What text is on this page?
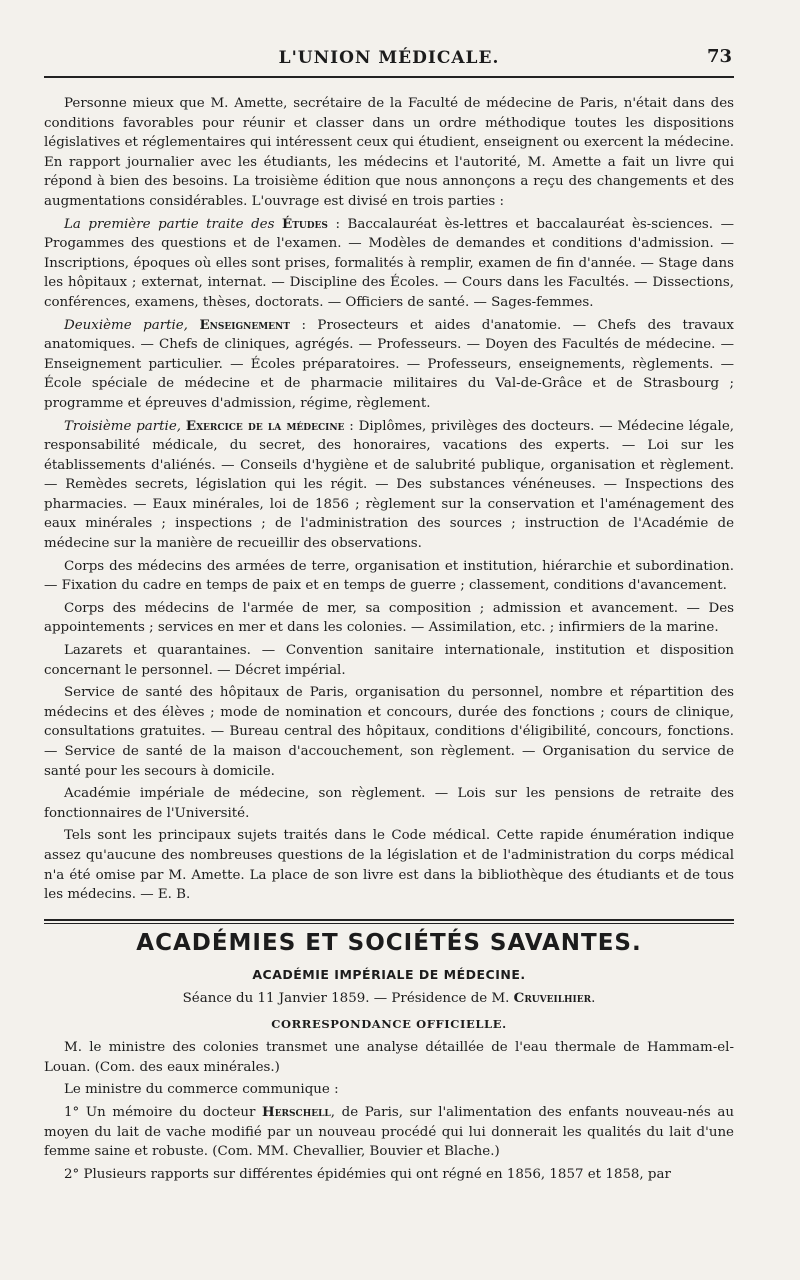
L'UNION MÉDICALE.	73

Personne mieux que M. Amette, secrétaire de la Faculté de médecine de Paris, n'était dans des conditions favorables pour réunir et classer dans un ordre méthodique toutes les dispositions législatives et réglementaires qui intéressent ceux qui étudient, enseignent ou exercent la médecine. En rapport journalier avec les étudiants, les médecins et l'autorité, M. Amette a fait un livre qui répond à bien des besoins. La troisième édition que nous annonçons a reçu des changements et des augmentations considérables. L'ouvrage est divisé en trois parties :

La première partie traite des Études : Baccalauréat ès-lettres et baccalauréat ès-sciences. — Progammes des questions et de l'examen. — Modèles de demandes et conditions d'admission. — Inscriptions, époques où elles sont prises, formalités à remplir, examen de fin d'année. — Stage dans les hôpitaux ; externat, internat. — Discipline des Écoles. — Cours dans les Facultés. — Dissections, conférences, examens, thèses, doctorats. — Officiers de santé. — Sages-femmes.

Deuxième partie, Enseignement : Prosecteurs et aides d'anatomie. — Chefs des travaux anatomiques. — Chefs de cliniques, agrégés. — Professeurs. — Doyen des Facultés de médecine. — Enseignement particulier. — Écoles préparatoires. — Professeurs, enseignements, règlements. — École spéciale de médecine et de pharmacie militaires du Val-de-Grâce et de Strasbourg ; programme et épreuves d'admission, régime, règlement.

Troisième partie, Exercice de la médecine : Diplômes, privilèges des docteurs. — Médecine légale, responsabilité médicale, du secret, des honoraires, vacations des experts. — Loi sur les établissements d'aliénés. — Conseils d'hygiène et de salubrité publique, organisation et règlement. — Remèdes secrets, législation qui les régit. — Des substances vénéneuses. — Inspections des pharmacies. — Eaux minérales, loi de 1856 ; règlement sur la conservation et l'aménagement des eaux minérales ; inspections ; de l'administration des sources ; instruction de l'Académie de médecine sur la manière de recueillir des observations.

Corps des médecins des armées de terre, organisation et institution, hiérarchie et subordination. — Fixation du cadre en temps de paix et en temps de guerre ; classement, conditions d'avancement.

Corps des médecins de l'armée de mer, sa composition ; admission et avancement. — Des appointements ; services en mer et dans les colonies. — Assimilation, etc. ; infirmiers de la marine.

Lazarets et quarantaines. — Convention sanitaire internationale, institution et disposition concernant le personnel. — Décret impérial.

Service de santé des hôpitaux de Paris, organisation du personnel, nombre et répartition des médecins et des élèves ; mode de nomination et concours, durée des fonctions ; cours de clinique, consultations gratuites. — Bureau central des hôpitaux, conditions d'éligibilité, concours, fonctions. — Service de santé de la maison d'accouchement, son règlement. — Organisation du service de santé pour les secours à domicile.

Académie impériale de médecine, son règlement. — Lois sur les pensions de retraite des fonctionnaires de l'Université.

Tels sont les principaux sujets traités dans le Code médical. Cette rapide énumération indique assez qu'aucune des nombreuses questions de la législation et de l'administration du corps médical n'a été omise par M. Amette. La place de son livre est dans la bibliothèque des étudiants et de tous les médecins. — E. B.

ACADÉMIES ET SOCIÉTÉS SAVANTES.
ACADÉMIE IMPÉRIALE DE MÉDECINE.
Séance du 11 Janvier 1859. — Présidence de M. Cruveilhier.
CORRESPONDANCE OFFICIELLE.

M. le ministre des colonies transmet une analyse détaillée de l'eau thermale de Hammam-el-Louan. (Com. des eaux minérales.)

Le ministre du commerce communique :

1° Un mémoire du docteur Herschell, de Paris, sur l'alimentation des enfants nouveau-nés au moyen du lait de vache modifié par un nouveau procédé qui lui donnerait les qualités du lait d'une femme saine et robuste. (Com. MM. Chevallier, Bouvier et Blache.)

2° Plusieurs rapports sur différentes épidémies qui ont régné en 1856, 1857 et 1858, par
